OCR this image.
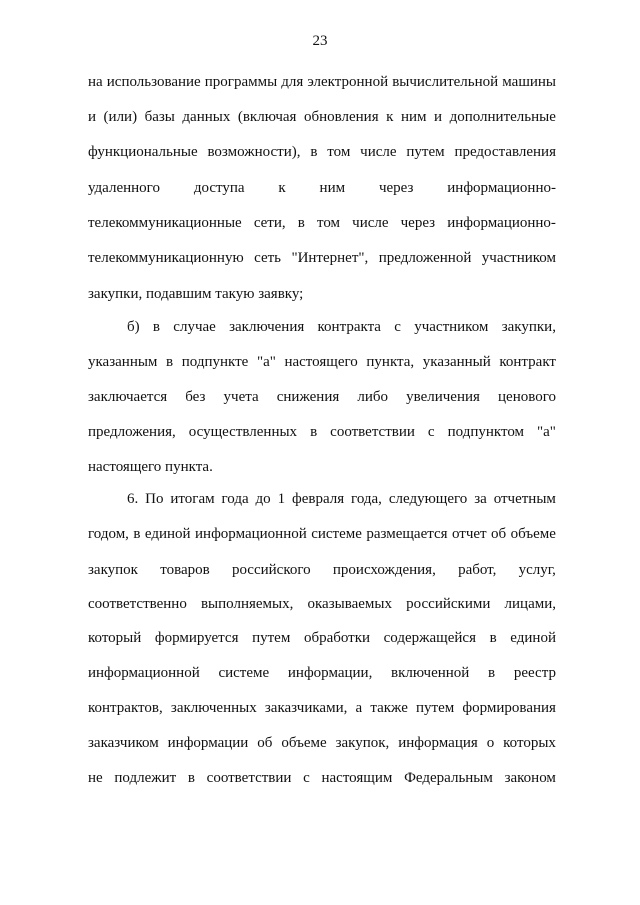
23
на использование программы для электронной вычислительной машины
и (или) базы данных (включая обновления к ним и дополнительные
функциональные возможности), в том числе путем предоставления
удаленного доступа к ним через информационно-
телекоммуникационные сети, в том числе через информационно-
телекоммуникационную сеть "Интернет", предложенной участником
закупки, подавшим такую заявку;
б) в случае заключения контракта с участником закупки,
указанным в подпункте "а" настоящего пункта, указанный контракт
заключается без учета снижения либо увеличения ценового
предложения, осуществленных в соответствии с подпунктом "а"
настоящего пункта.
6. По итогам года до 1 февраля года, следующего за отчетным
годом, в единой информационной системе размещается отчет об объеме
закупок товаров российского происхождения, работ, услуг,
соответственно выполняемых, оказываемых российскими лицами,
который формируется путем обработки содержащейся в единой
информационной системе информации, включенной в реестр
контрактов, заключенных заказчиками, а также путем формирования
заказчиком информации об объеме закупок, информация о которых
не подлежит в соответствии с настоящим Федеральным законом
